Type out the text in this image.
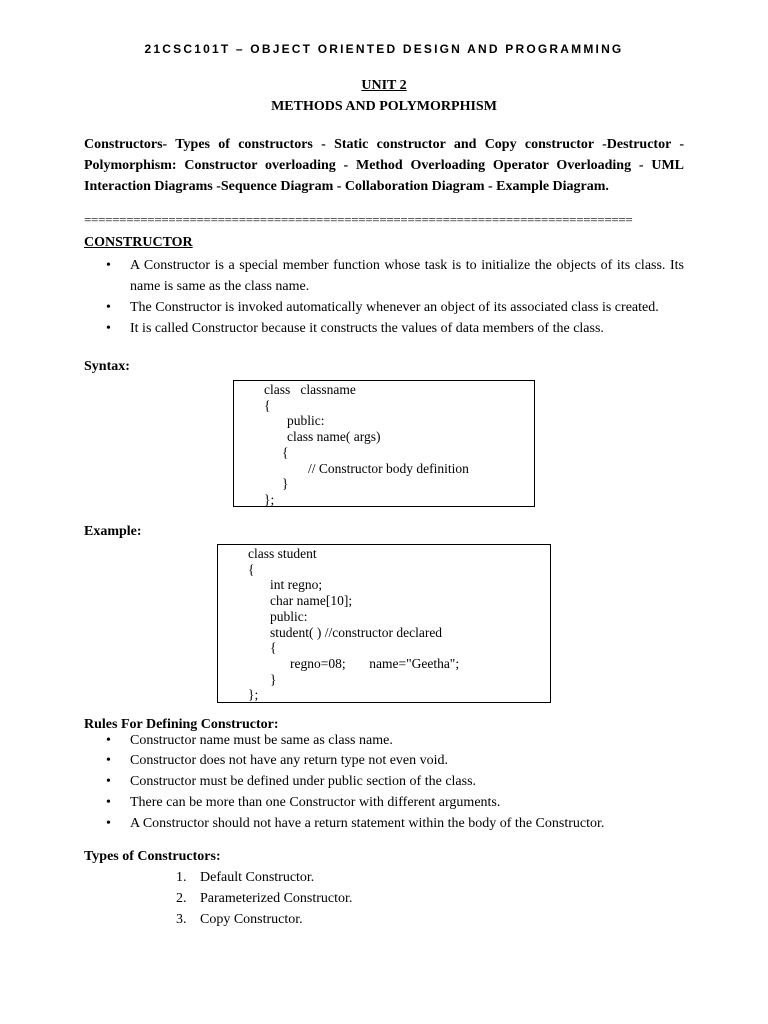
21CSC101T – OBJECT ORIENTED DESIGN AND PROGRAMMING
UNIT 2
METHODS AND POLYMORPHISM
Constructors- Types of constructors - Static constructor and Copy constructor -Destructor - Polymorphism: Constructor overloading - Method Overloading Operator Overloading - UML Interaction Diagrams -Sequence Diagram - Collaboration Diagram - Example Diagram.
==============================================================================
CONSTRUCTOR
• A Constructor is a special member function whose task is to initialize the objects of its class. Its name is same as the class name.
• The Constructor is invoked automatically whenever an object of its associated class is created.
• It is called Constructor because it constructs the values of data members of the class.
Syntax:
class   classname
{
public:
class name( args)
{
// Constructor body definition
}
};
Example:
class student
{
int regno;
char name[10];
public:
student( ) //constructor declared
{
regno=08;       name="Geetha";
}
};
Rules For Defining Constructor:
• Constructor name must be same as class name.
• Constructor does not have any return type not even void.
• Constructor must be defined under public section of the class.
• There can be more than one Constructor with different arguments.
• A Constructor should not have a return statement within the body of the Constructor.
Types of Constructors:
1. Default Constructor.
2. Parameterized Constructor.
3. Copy Constructor.
